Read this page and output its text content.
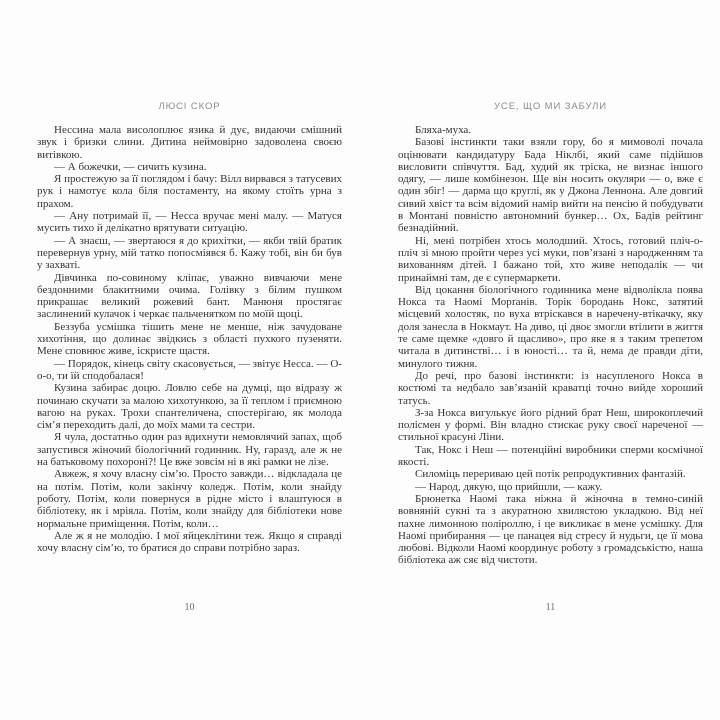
ЛЮСІ СКОР

Нессина мала висолоплює язика й дує, видаючи смішний звук і бризки слини. Дитина неймовірно задоволена своєю витівкою.

— А божечки, — сичить кузина.

Я простежую за її поглядом і бачу: Вілл вирвався з татусевих рук і намотує кола біля постаменту, на якому стоїть урна з прахом.

— Ану потримай її, — Несса вручає мені малу. — Матуся мусить тихо й делікатно врятувати ситуацію.

— А знаєш, — звертаюся я до крихітки, — якби твій братик перевернув урну, мій татко попосміявся б. Кажу тобі, він би був у захваті.

Дівчинка по-совиному кліпає, уважно вивчаючи мене бездонними блакитними очима. Голівку з білим пушком прикрашає великий рожевий бант. Манюня простягає заслинений кулачок і черкає пальченятком по моїй щоці.

Беззуба усмішка тішить мене не менше, ніж зачудоване хихотіння, що долинає звідкись з області пухкого пузеняти. Мене сповнює живе, іскристе щастя.

— Порядок, кінець світу скасовується, — звітує Несса. — О-о-о, ти їй сподобалася!

Кузина забирає доцю. Ловлю себе на думці, що відразу ж починаю скучати за малою хихотункою, за її теплом і приємною вагою на руках. Трохи спантеличена, спостерігаю, як молода сім’я переходить далі, до моїх мами та сестри.

Я чула, достатньо один раз вдихнути немовлячий запах, щоб запустився жіночий біологічний годинник. Ну, гаразд, але ж не на батьковому похороні?! Це вже зовсім ні в які рамки не лізе.

Авжеж, я хочу власну сім’ю. Просто завжди… відкладала це на потім. Потім, коли закінчу коледж. Потім, коли знайду роботу. Потім, коли повернуся в рідне місто і влаштуюся в бібліотеку, як і мріяла. Потім, коли знайду для бібліотеки нове нормальне приміщення. Потім, коли…

Але ж я не молодію. І мої яйцеклітини теж. Якщо я справді хочу власну сім’ю, то братися до справи потрібно зараз.

10
УСЕ, ЩО МИ ЗАБУЛИ

Бляха-муха.

Базові інстинкти таки взяли гору, бо я мимоволі почала оцінювати кандидатуру Бада Ніклбі, який саме підійшов висловити співчуття. Бад, худий як тріска, не визнає іншого одягу, — лише комбінезон. Ще він носить окуляри — о, вже є один збіг! — дарма що круглі, як у Джона Леннона. Але довгий сивий хвіст та всім відомий намір вийти на пенсію й побудувати в Монтані повністю автономний бункер… Ох, Бадів рейтинг безнадійний.

Ні, мені потрібен хтось молодший. Хтось, готовий пліч-о-пліч зі мною пройти через усі муки, пов’язані з народженням та вихованням дітей. І бажано той, хто живе неподалік — чи принаймні там, де є супермаркети.

Від цокання біологічного годинника мене відволікла поява Нокса та Наомі Морґанів. Торік бородань Нокс, затятий місцевий холостяк, по вуха втріскався в наречену-втікачку, яку доля занесла в Нокмаут. На диво, ці двоє змогли втілити в життя те саме щемке «довго й щасливо», про яке я з таким трепетом читала в дитинстві… і в юності… та й, нема де правди діти, минулого тижня.

До речі, про базові інстинкти: із насупленого Нокса в костюмі та недбало зав’язаній краватці точно вийде хороший татусь.

З-за Нокса вигулькує його рідний брат Неш, широкоплечий полісмен у формі. Він владно стискає руку своєї нареченої — стильної красуні Ліни.

Так, Нокс і Неш — потенційні виробники сперми космічної якості.

Силоміць перериваю цей потік репродуктивних фантазій.

— Народ, дякую, що прийшли, — кажу.

Брюнетка Наомі така ніжна й жіночна в темно-синій вовняній сукні та з акуратною хвилястою укладкою. Від неї пахне лимонною поліроллю, і це викликає в мене усмішку. Для Наомі прибирання — це панацея від стресу й нудьги, це її мова любові. Відколи Наомі координує роботу з громадськістю, наша бібліотека аж сяє від чистоти.

11
